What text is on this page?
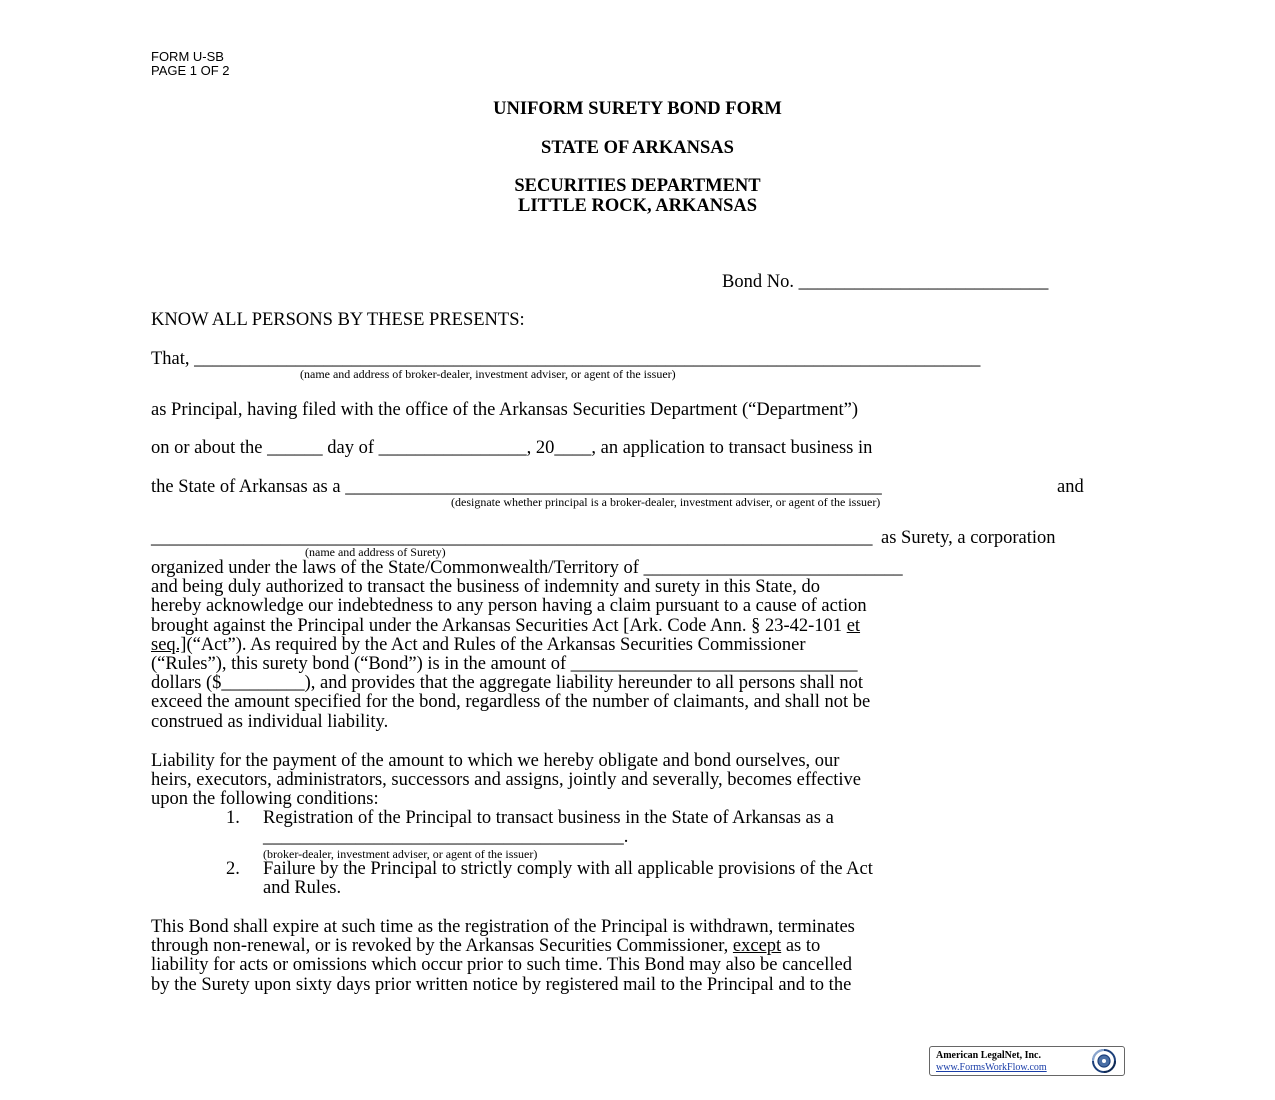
FORM U-SB
PAGE 1 OF 2
UNIFORM SURETY BOND FORM
STATE OF ARKANSAS
SECURITIES DEPARTMENT
LITTLE ROCK, ARKANSAS
Bond No. ___________________________
KNOW ALL PERSONS BY THESE PRESENTS:
That, _____________________________________________________________________________________
(name and address of broker-dealer, investment adviser, or agent of the issuer)
as Principal, having filed with the office of the Arkansas Securities Department (“Department”)
on or about the ______ day of ________________, 20____, an application to transact business in
the State of Arkansas as a __________________________________________________________	and
(designate whether principal is a broker-dealer, investment adviser, or agent of the issuer)
______________________________________________________________________________ as Surety, a corporation
(name and address of Surety)
organized under the laws of the State/Commonwealth/Territory of ____________________________
and being duly authorized to transact the business of indemnity and surety in this State, do
hereby acknowledge our indebtedness to any person having a claim pursuant to a cause of action
brought against the Principal under the Arkansas Securities Act [Ark. Code Ann. § 23-42-101 et
seq.](“Act”). As required by the Act and Rules of the Arkansas Securities Commissioner
(“Rules”), this surety bond (“Bond”) is in the amount of _______________________________
dollars ($_________), and provides that the aggregate liability hereunder to all persons shall not
exceed the amount specified for the bond, regardless of the number of claimants, and shall not be
construed as individual liability.
Liability for the payment of the amount to which we hereby obligate and bond ourselves, our
heirs, executors, administrators, successors and assigns, jointly and severally, becomes effective
upon the following conditions:
1. Registration of the Principal to transact business in the State of Arkansas as a
_______________________________________.
(broker-dealer, investment adviser, or agent of the issuer)
2. Failure by the Principal to strictly comply with all applicable provisions of the Act
and Rules.
This Bond shall expire at such time as the registration of the Principal is withdrawn, terminates
through non-renewal, or is revoked by the Arkansas Securities Commissioner, except as to
liability for acts or omissions which occur prior to such time. This Bond may also be cancelled
by the Surety upon sixty days prior written notice by registered mail to the Principal and to the
American LegalNet, Inc.
www.FormsWorkFlow.com
